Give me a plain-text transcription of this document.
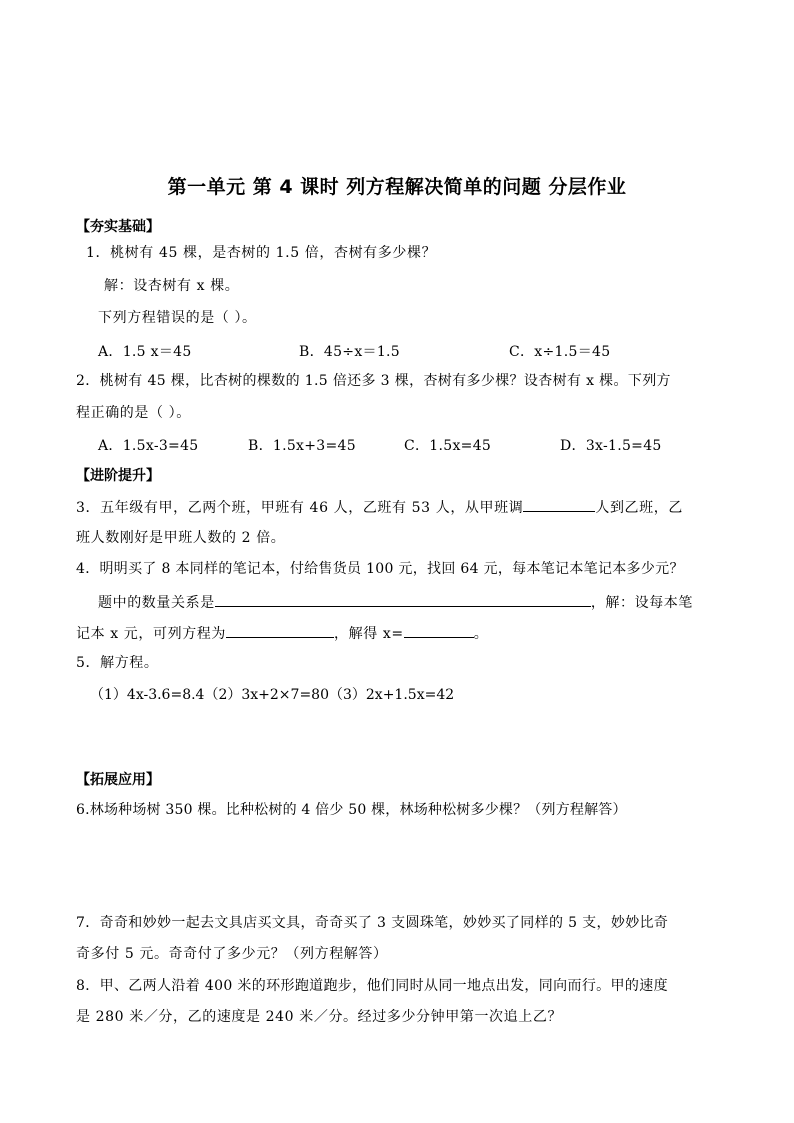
第一单元 第 4 课时 列方程解决简单的问题 分层作业
【夯实基础】
1．桃树有 45 棵，是杏树的 1.5 倍，杏树有多少棵？
解：设杏树有 x 棵。
下列方程错误的是（ ）。
A．1.5 x＝45	B．45÷x＝1.5	C．x÷1.5＝45
2．桃树有 45 棵，比杏树的棵数的 1.5 倍还多 3 棵，杏树有多少棵？设杏树有 x 棵。下列方
程正确的是（ ）。
A．1.5x-3=45	B．1.5x+3=45	C．1.5x=45	D．3x-1.5=45
【进阶提升】
3．五年级有甲，乙两个班，甲班有 46 人，乙班有 53 人，从甲班调	人到乙班，乙
班人数刚好是甲班人数的 2 倍。
4．明明买了 8 本同样的笔记本，付给售货员 100 元，找回 64 元，每本笔记本笔记本多少元？
题中的数量关系是	，解：设每本笔
记本 x 元，可列方程为	，解得 x=	。
5．解方程。
（1）4x-3.6=8.4（2）3x+2×7=80（3）2x+1.5x=42
【拓展应用】
6.林场种场树 350 棵。比种松树的 4 倍少 50 棵，林场种松树多少棵？（列方程解答）
7．奇奇和妙妙一起去文具店买文具，奇奇买了 3 支圆珠笔，妙妙买了同样的 5 支，妙妙比奇
奇多付 5 元。奇奇付了多少元？（列方程解答）
8．甲、乙两人沿着 400 米的环形跑道跑步，他们同时从同一地点出发，同向而行。甲的速度
是 280 米／分，乙的速度是 240 米／分。经过多少分钟甲第一次追上乙？
